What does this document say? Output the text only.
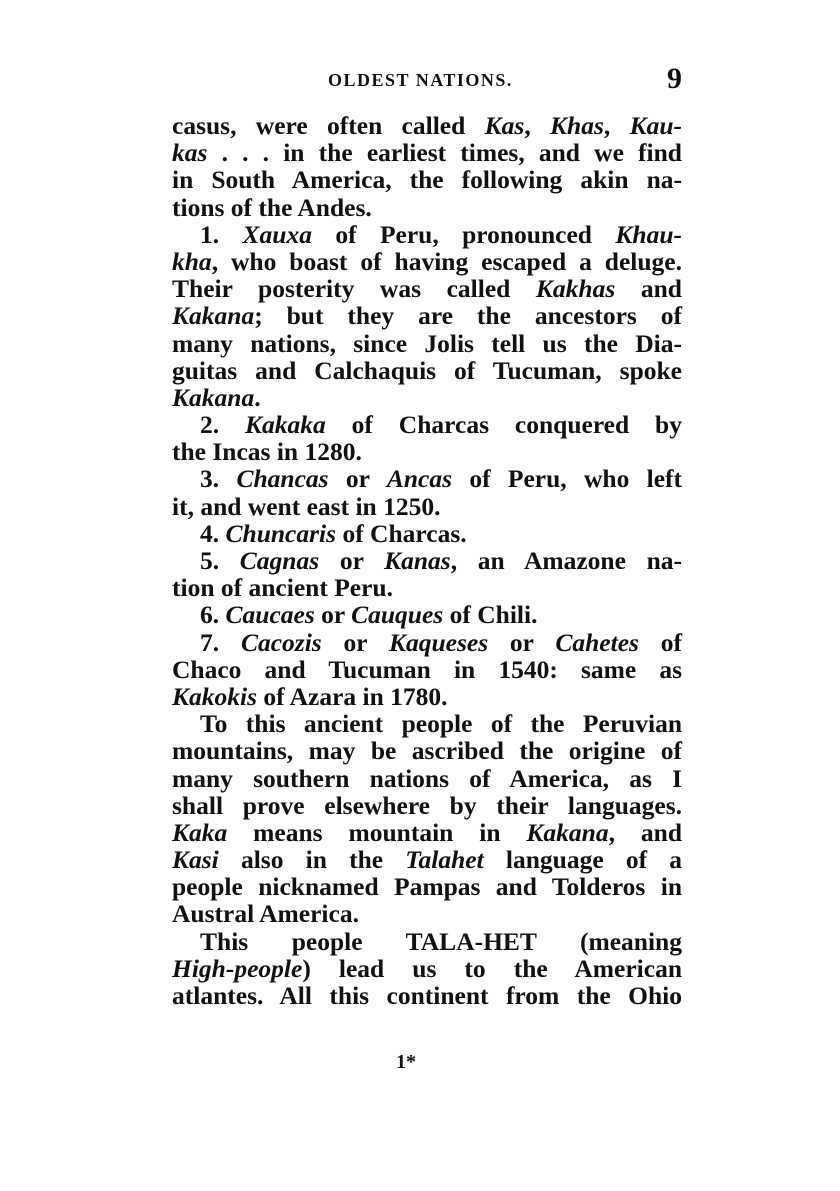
OLDEST NATIONS.	9
casus, were often called Kas, Khas, Kau-
kas . . . in the earliest times, and we find
in South America, the following akin na-
tions of the Andes.
1. Xauxa of Peru, pronounced Khau-
kha, who boast of having escaped a deluge.
Their posterity was called Kakhas and
Kakana; but they are the ancestors of
many nations, since Jolis tell us the Dia-
guitas and Calchaquis of Tucuman, spoke
Kakana.
2. Kakaka of Charcas conquered by
the Incas in 1280.
3. Chancas or Ancas of Peru, who left
it, and went east in 1250.
4. Chuncaris of Charcas.
5. Cagnas or Kanas, an Amazone na-
tion of ancient Peru.
6. Caucaes or Cauques of Chili.
7. Cacozis or Kaqueses or Cahetes of
Chaco and Tucuman in 1540: same as
Kakokis of Azara in 1780.
To this ancient people of the Peruvian
mountains, may be ascribed the origine of
many southern nations of America, as I
shall prove elsewhere by their languages.
Kaka means mountain in Kakana, and
Kasi also in the Talahet language of a
people nicknamed Pampas and Tolderos in
Austral America.
This people TALA-HET (meaning
High-people) lead us to the American
atlantes. All this continent from the Ohio
1*
